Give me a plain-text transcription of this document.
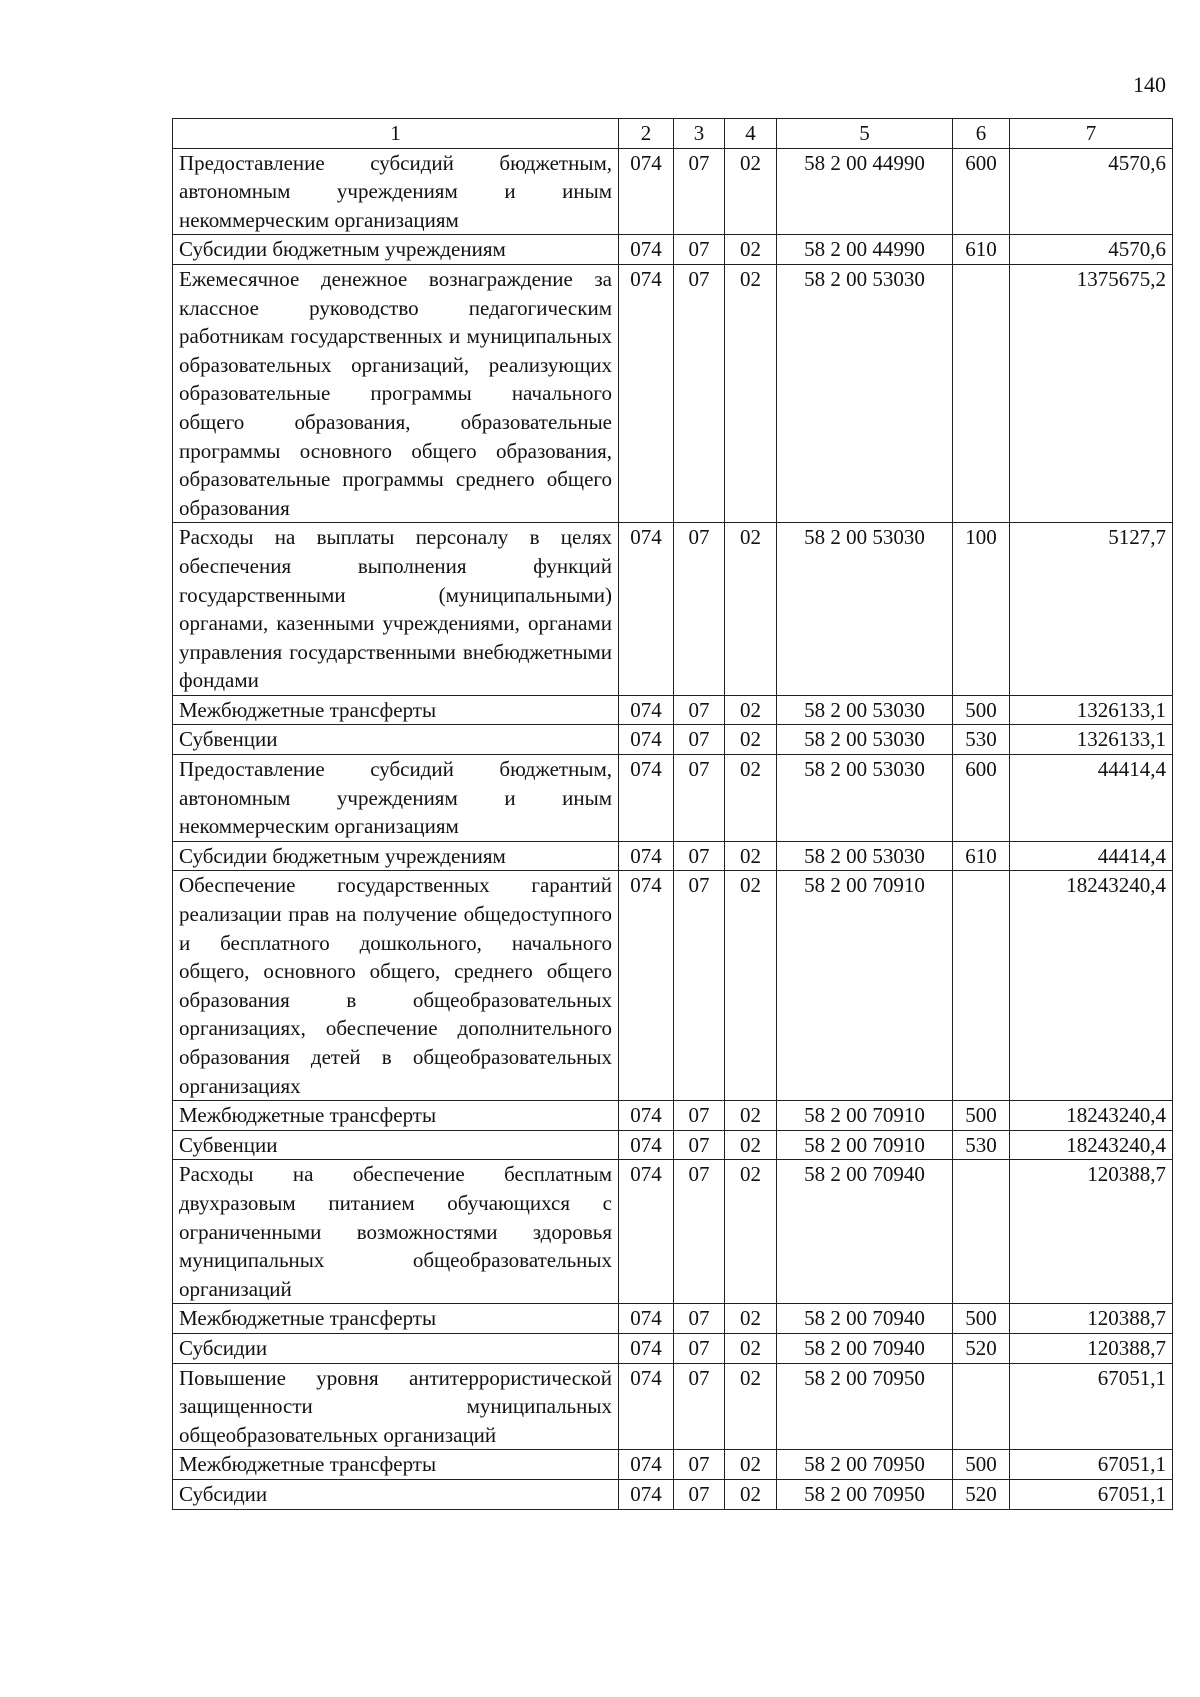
140
1	2	3	4	5	6	7
Предоставление субсидий бюджетным, автономным учреждениям и иным некоммерческим организациям	074	07	02	58 2 00 44990	600	4570,6
Субсидии бюджетным учреждениям	074	07	02	58 2 00 44990	610	4570,6
Ежемесячное денежное вознаграждение за классное руководство педагогическим работникам государственных и муниципальных образовательных организаций, реализующих образовательные программы начального общего образования, образовательные программы основного общего образования, образовательные программы среднего общего образования	074	07	02	58 2 00 53030		1375675,2
Расходы на выплаты персоналу в целях обеспечения выполнения функций государственными (муниципальными) органами, казенными учреждениями, органами управления государственными внебюджетными фондами	074	07	02	58 2 00 53030	100	5127,7
Межбюджетные трансферты	074	07	02	58 2 00 53030	500	1326133,1
Субвенции	074	07	02	58 2 00 53030	530	1326133,1
Предоставление субсидий бюджетным, автономным учреждениям и иным некоммерческим организациям	074	07	02	58 2 00 53030	600	44414,4
Субсидии бюджетным учреждениям	074	07	02	58 2 00 53030	610	44414,4
Обеспечение государственных гарантий реализации прав на получение общедоступного и бесплатного дошкольного, начального общего, основного общего, среднего общего образования в общеобразовательных организациях, обеспечение дополнительного образования детей в общеобразовательных организациях	074	07	02	58 2 00 70910		18243240,4
Межбюджетные трансферты	074	07	02	58 2 00 70910	500	18243240,4
Субвенции	074	07	02	58 2 00 70910	530	18243240,4
Расходы на обеспечение бесплатным двухразовым питанием обучающихся с ограниченными возможностями здоровья муниципальных общеобразовательных организаций	074	07	02	58 2 00 70940		120388,7
Межбюджетные трансферты	074	07	02	58 2 00 70940	500	120388,7
Субсидии	074	07	02	58 2 00 70940	520	120388,7
Повышение уровня антитеррористической защищенности муниципальных общеобразовательных организаций	074	07	02	58 2 00 70950		67051,1
Межбюджетные трансферты	074	07	02	58 2 00 70950	500	67051,1
Субсидии	074	07	02	58 2 00 70950	520	67051,1
